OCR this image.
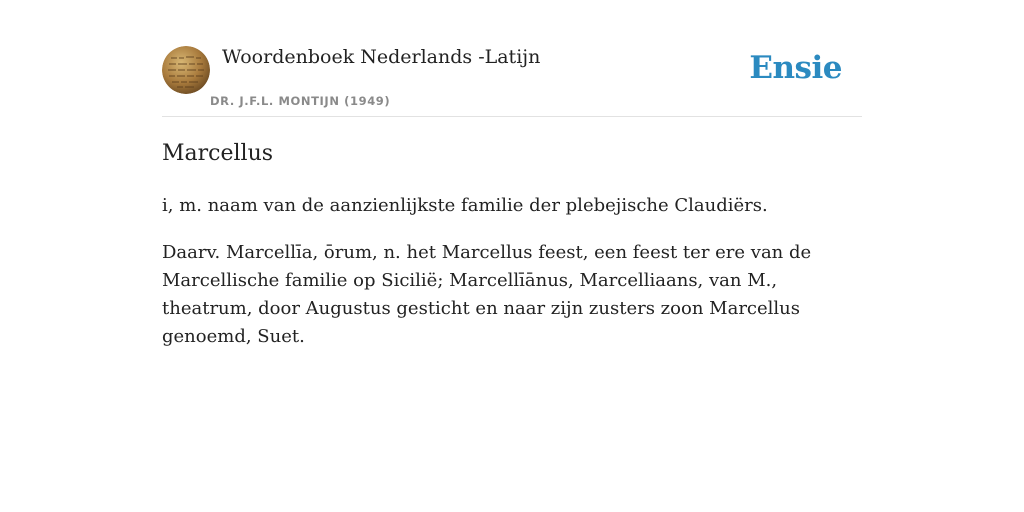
Woordenboek Nederlands -Latijn
DR. J.F.L. MONTIJN (1949)
Ensie
Marcellus

i, m. naam van de aanzienlijkste familie der plebejische Claudiërs.

Daarv. Marcellīa, ōrum, n. het Marcellus feest, een feest ter ere van de Marcellische familie op Sicilië; Marcellīānus, Marcelliaans, van M., theatrum, door Augustus gesticht en naar zijn zusters zoon Marcellus genoemd, Suet.
